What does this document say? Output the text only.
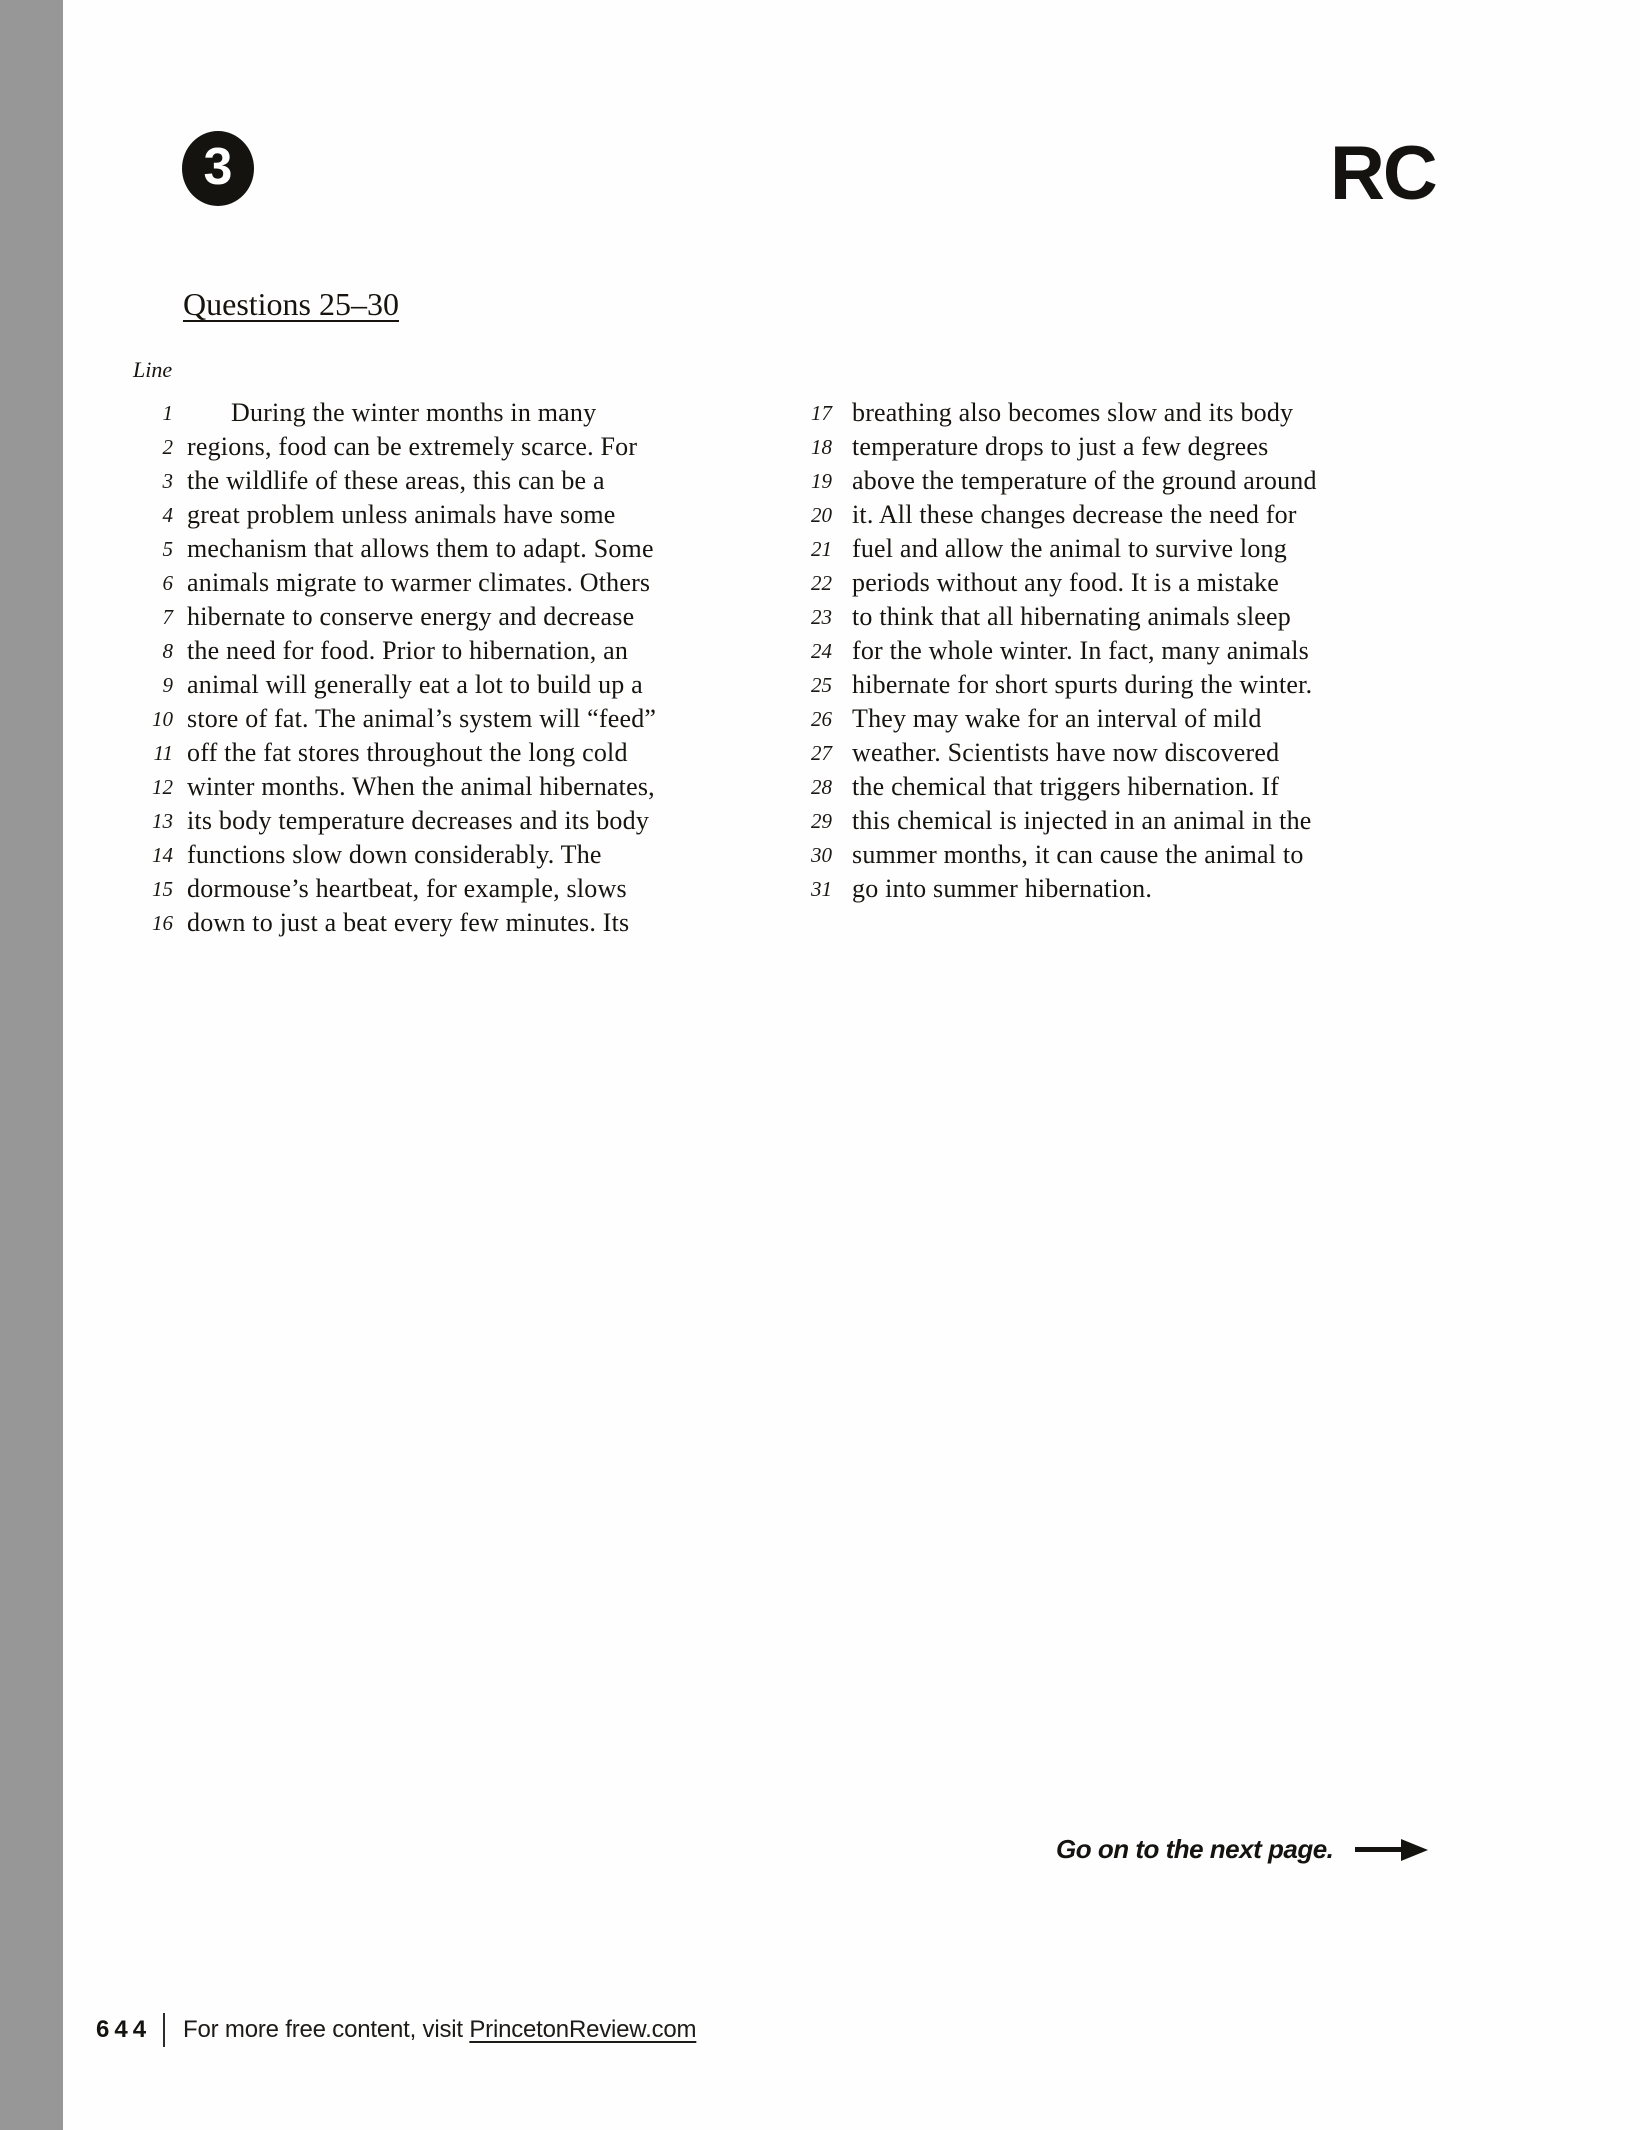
3	RC
Questions 25–30
Line
1	During the winter months in many
2 regions, food can be extremely scarce. For
3 the wildlife of these areas, this can be a
4 great problem unless animals have some
5 mechanism that allows them to adapt. Some
6 animals migrate to warmer climates. Others
7 hibernate to conserve energy and decrease
8 the need for food. Prior to hibernation, an
9 animal will generally eat a lot to build up a
10 store of fat. The animal’s system will “feed”
11 off the fat stores throughout the long cold
12 winter months. When the animal hibernates,
13 its body temperature decreases and its body
14 functions slow down considerably. The
15 dormouse’s heartbeat, for example, slows
16 down to just a beat every few minutes. Its
17 breathing also becomes slow and its body
18 temperature drops to just a few degrees
19 above the temperature of the ground around
20 it. All these changes decrease the need for
21 fuel and allow the animal to survive long
22 periods without any food. It is a mistake
23 to think that all hibernating animals sleep
24 for the whole winter. In fact, many animals
25 hibernate for short spurts during the winter.
26 They may wake for an interval of mild
27 weather. Scientists have now discovered
28 the chemical that triggers hibernation. If
29 this chemical is injected in an animal in the
30 summer months, it can cause the animal to
31 go into summer hibernation.
Go on to the next page.
644 For more free content, visit PrincetonReview.com
